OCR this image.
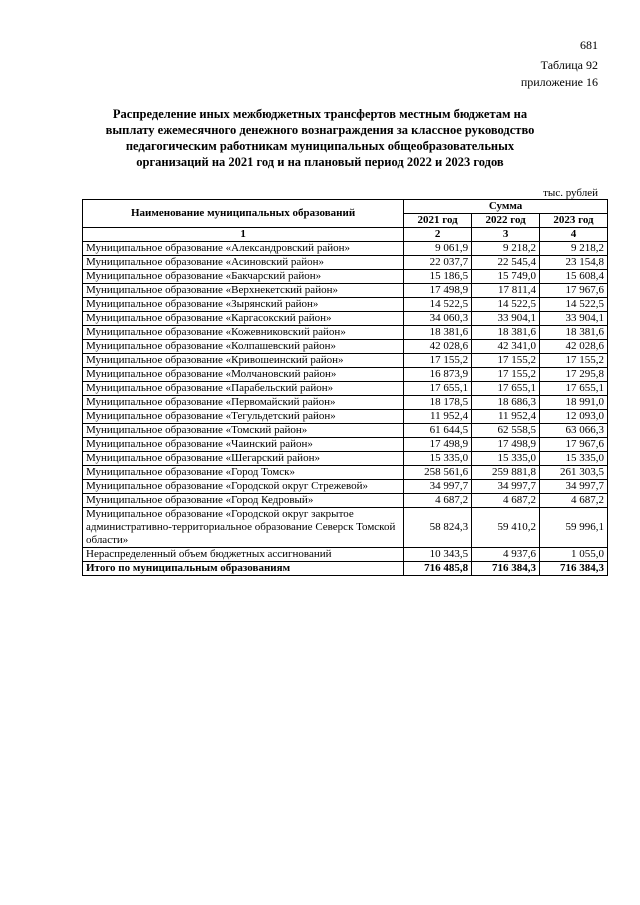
681
Таблица 92
приложение 16
Распределение иных межбюджетных трансфертов местным бюджетам на выплату ежемесячного денежного вознаграждения за классное руководство педагогическим работникам муниципальных общеобразовательных организаций на 2021 год и на плановый период 2022 и 2023 годов
тыс. рублей
Наименование муниципальных образований	Сумма		
	2021 год	2022 год	2023 год
1	2	3	4
Муниципальное образование «Александровский район»	9 061,9	9 218,2	9 218,2
Муниципальное образование «Асиновский район»	22 037,7	22 545,4	23 154,8
Муниципальное образование «Бакчарский район»	15 186,5	15 749,0	15 608,4
Муниципальное образование «Верхнекетский район»	17 498,9	17 811,4	17 967,6
Муниципальное образование «Зырянский район»	14 522,5	14 522,5	14 522,5
Муниципальное образование «Каргасокский район»	34 060,3	33 904,1	33 904,1
Муниципальное образование «Кожевниковский район»	18 381,6	18 381,6	18 381,6
Муниципальное образование «Колпашевский район»	42 028,6	42 341,0	42 028,6
Муниципальное образование «Кривошеинский район»	17 155,2	17 155,2	17 155,2
Муниципальное образование «Молчановский район»	16 873,9	17 155,2	17 295,8
Муниципальное образование «Парабельский район»	17 655,1	17 655,1	17 655,1
Муниципальное образование «Первомайский район»	18 178,5	18 686,3	18 991,0
Муниципальное образование «Тегульдетский район»	11 952,4	11 952,4	12 093,0
Муниципальное образование «Томский район»	61 644,5	62 558,5	63 066,3
Муниципальное образование «Чаинский район»	17 498,9	17 498,9	17 967,6
Муниципальное образование «Шегарский район»	15 335,0	15 335,0	15 335,0
Муниципальное образование «Город Томск»	258 561,6	259 881,8	261 303,5
Муниципальное образование «Городской округ Стрежевой»	34 997,7	34 997,7	34 997,7
Муниципальное образование «Город Кедровый»	4 687,2	4 687,2	4 687,2
Муниципальное образование «Городской округ закрытое административно-территориальное образование Северск Томской области»	58 824,3	59 410,2	59 996,1
Нераспределенный объем бюджетных ассигнований	10 343,5	4 937,6	1 055,0
Итого по муниципальным образованиям	716 485,8	716 384,3	716 384,3
